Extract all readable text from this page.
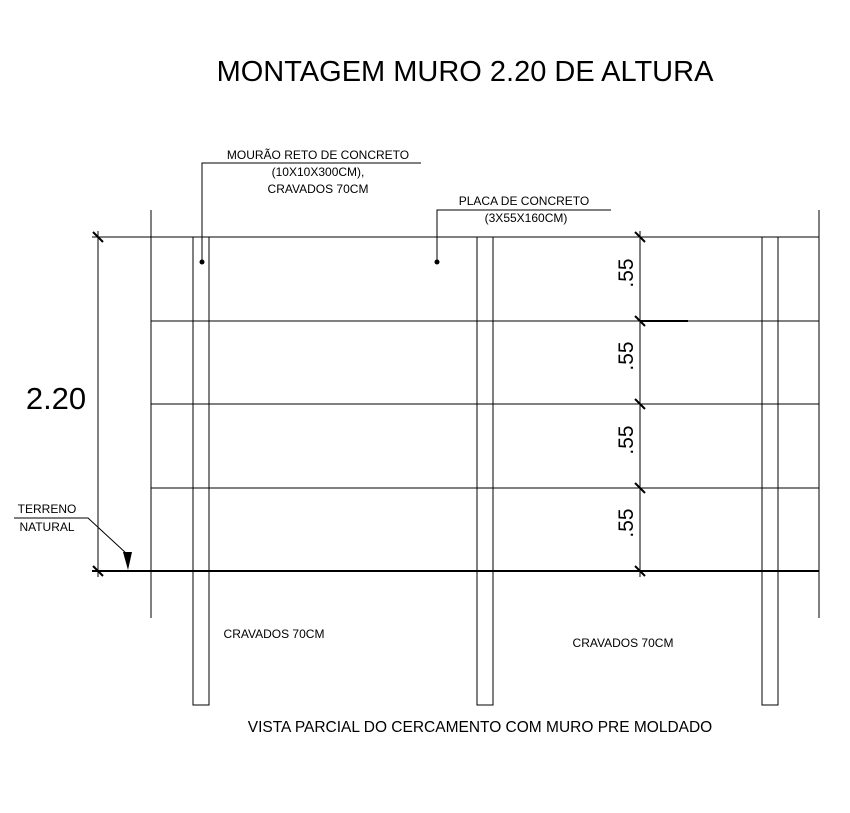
MONTAGEM MURO 2.20 DE ALTURA
2.20
.55
.55
.55
.55
MOURÃO RETO DE CONCRETO
(10X10X300CM),
CRAVADOS 70CM
PLACA DE CONCRETO
(3X55X160CM)
TERRENO
NATURAL
CRAVADOS 70CM
CRAVADOS 70CM
VISTA PARCIAL DO CERCAMENTO COM MURO PRE MOLDADO
